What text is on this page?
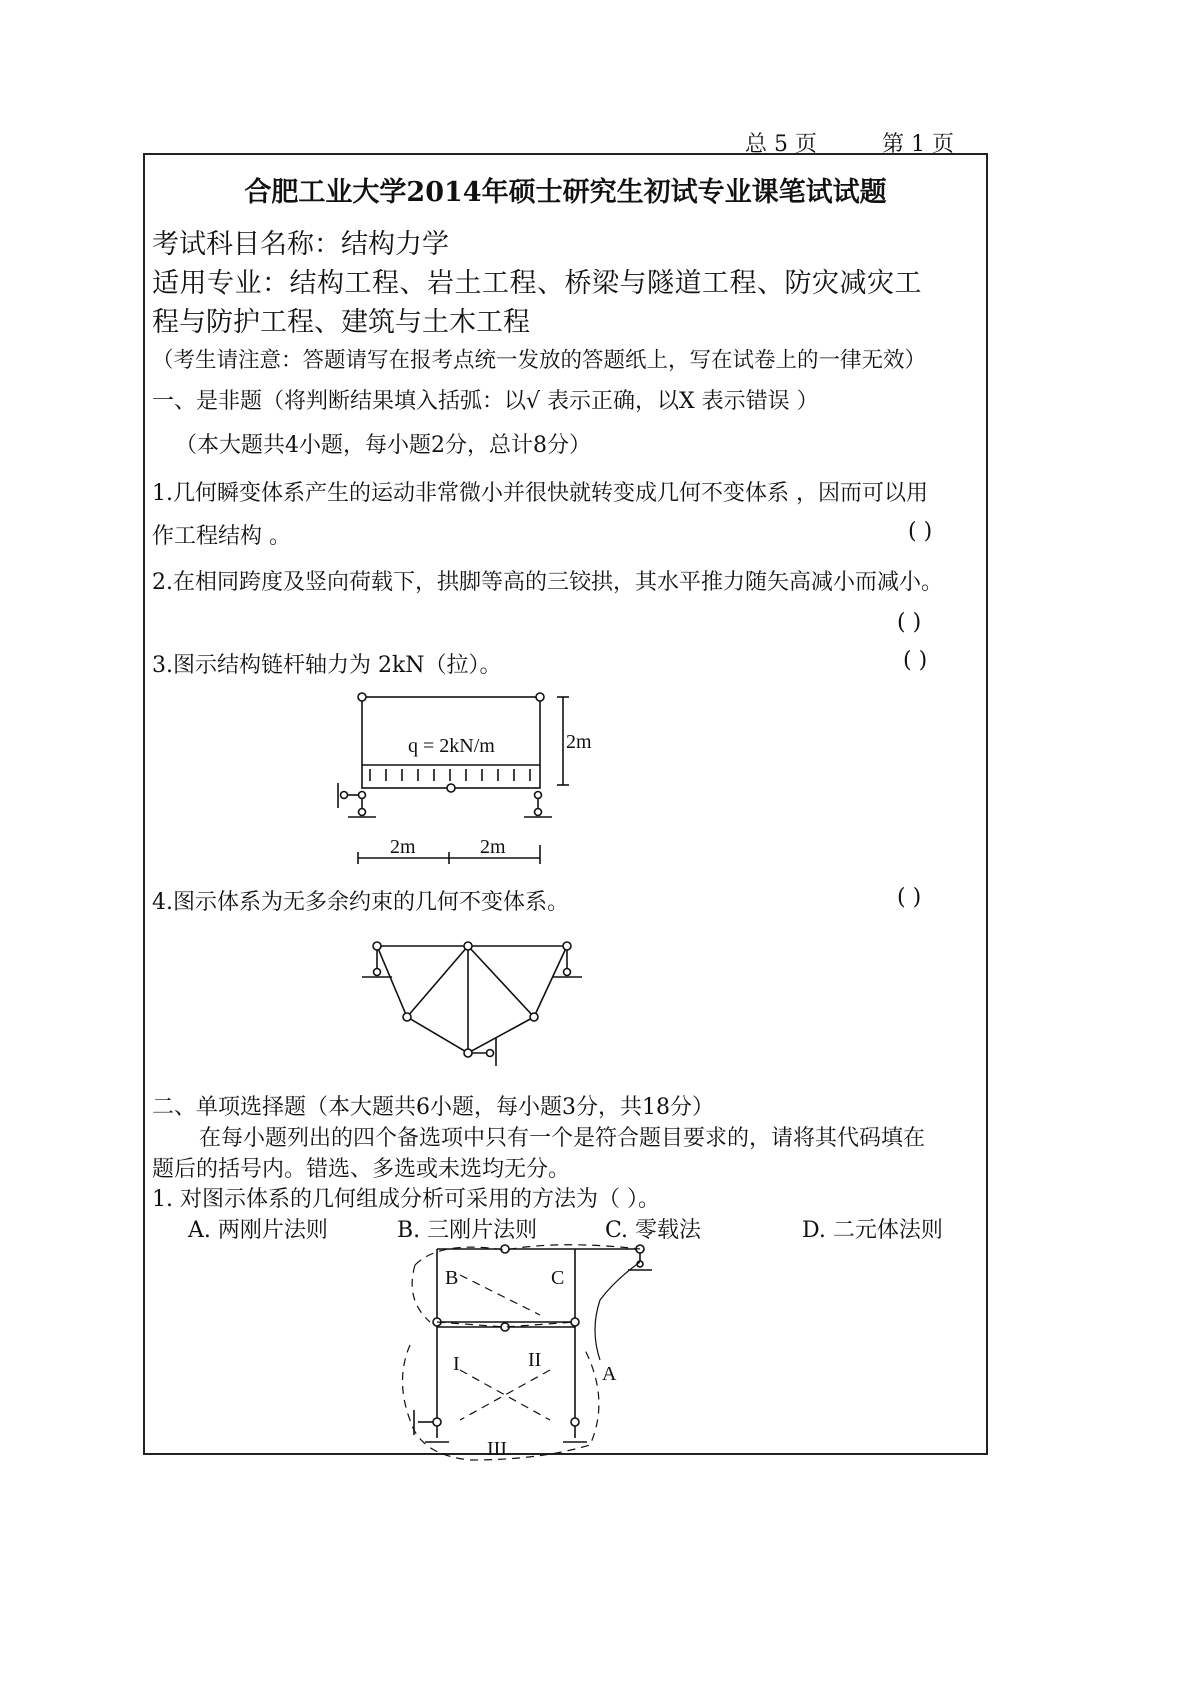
总 5 页	第 1 页
合肥工业大学2014年硕士研究生初试专业课笔试试题
考试科目名称：结构力学
适用专业：结构工程、岩土工程、桥梁与隧道工程、防灾减灾工
程与防护工程、建筑与土木工程
（考生请注意：答题请写在报考点统一发放的答题纸上，写在试卷上的一律无效）
一、是非题（将判断结果填入括弧：以√ 表示正确，以X 表示错误 ）
（本大题共4小题，每小题2分，总计8分）
1.几何瞬变体系产生的运动非常微小并很快就转变成几何不变体系 ，因而可以用
作工程结构 。	( )
2.在相同跨度及竖向荷载下，拱脚等高的三铰拱，其水平推力随矢高减小而减小。
( )
3.图示结构链杆轴力为 2kN（拉）。	( )
q = 2kN/m	2m
2m	2m
4.图示体系为无多余约束的几何不变体系。	( )
二、单项选择题（本大题共6小题，每小题3分，共18分）
在每小题列出的四个备选项中只有一个是符合题目要求的，请将其代码填在
题后的括号内。错选、多选或未选均无分。
1. 对图示体系的几何组成分析可采用的方法为（ ）。
A. 两刚片法则	B. 三刚片法则	C. 零载法	D. 二元体法则
B	C
I	II
III
A
